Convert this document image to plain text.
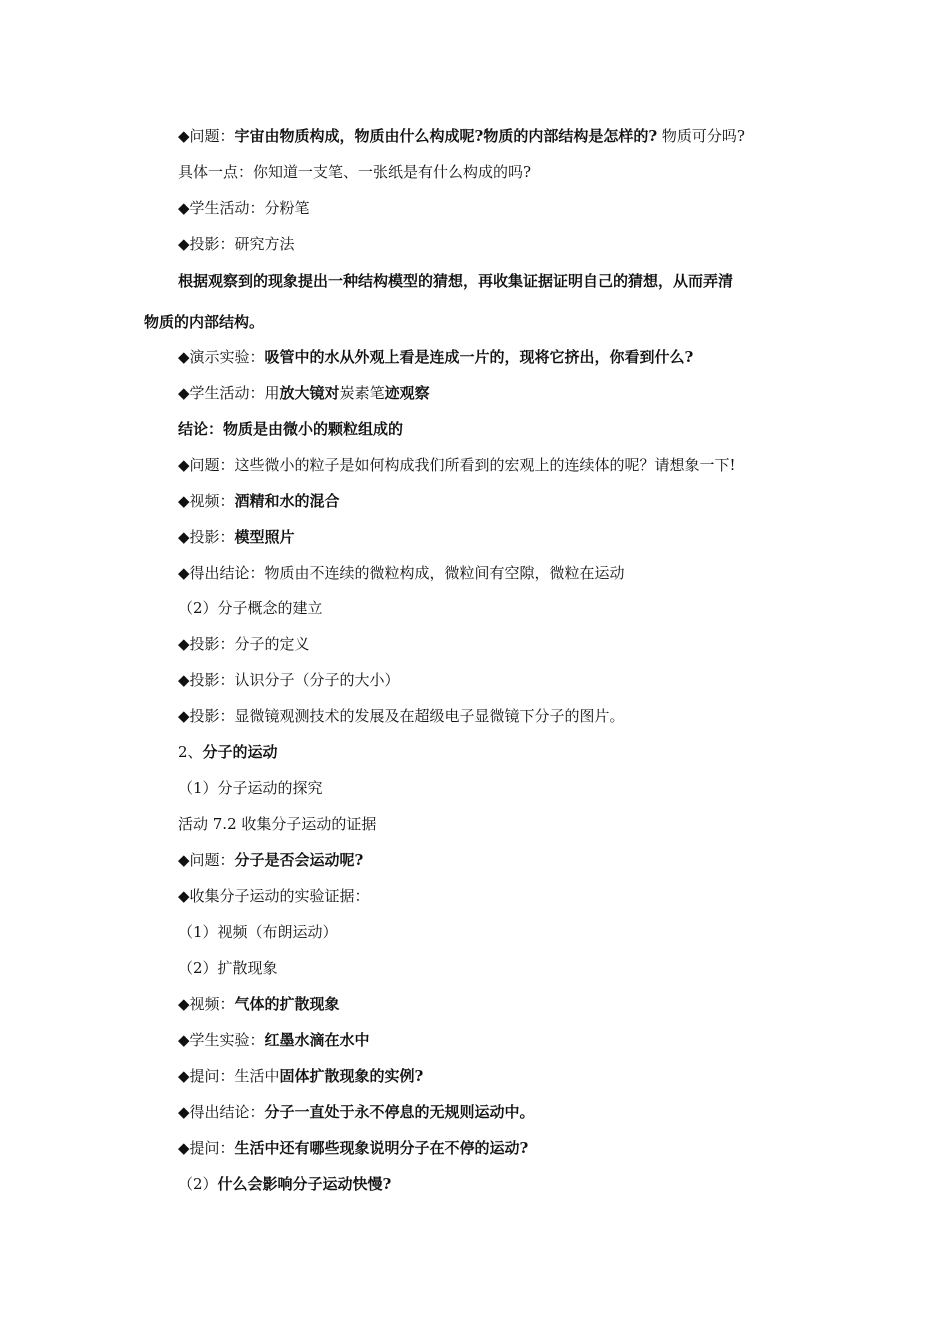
◆问题：宇宙由物质构成，物质由什么构成呢?物质的内部结构是怎样的? 物质可分吗?
具体一点：你知道一支笔、一张纸是有什么构成的吗?
◆学生活动：分粉笔
◆投影：研究方法
根据观察到的现象提出一种结构模型的猜想，再收集证据证明自己的猜想，从而弄清
物质的内部结构。
◆演示实验：吸管中的水从外观上看是连成一片的，现将它挤出，你看到什么?
◆学生活动：用放大镜对炭素笔迹观察
结论：物质是由微小的颗粒组成的
◆问题：这些微小的粒子是如何构成我们所看到的宏观上的连续体的呢？请想象一下!
◆视频：酒精和水的混合
◆投影：模型照片
◆得出结论：物质由不连续的微粒构成，微粒间有空隙，微粒在运动
（2）分子概念的建立
◆投影：分子的定义
◆投影：认识分子（分子的大小）
◆投影：显微镜观测技术的发展及在超级电子显微镜下分子的图片。
2、分子的运动
（1）分子运动的探究
活动 7.2 收集分子运动的证据
◆问题：分子是否会运动呢?
◆收集分子运动的实验证据：
（1）视频（布朗运动）
（2）扩散现象
◆视频：气体的扩散现象
◆学生实验：红墨水滴在水中
◆提问：生活中固体扩散现象的实例?
◆得出结论：分子一直处于永不停息的无规则运动中。
◆提问：生活中还有哪些现象说明分子在不停的运动?
（2）什么会影响分子运动快慢?
